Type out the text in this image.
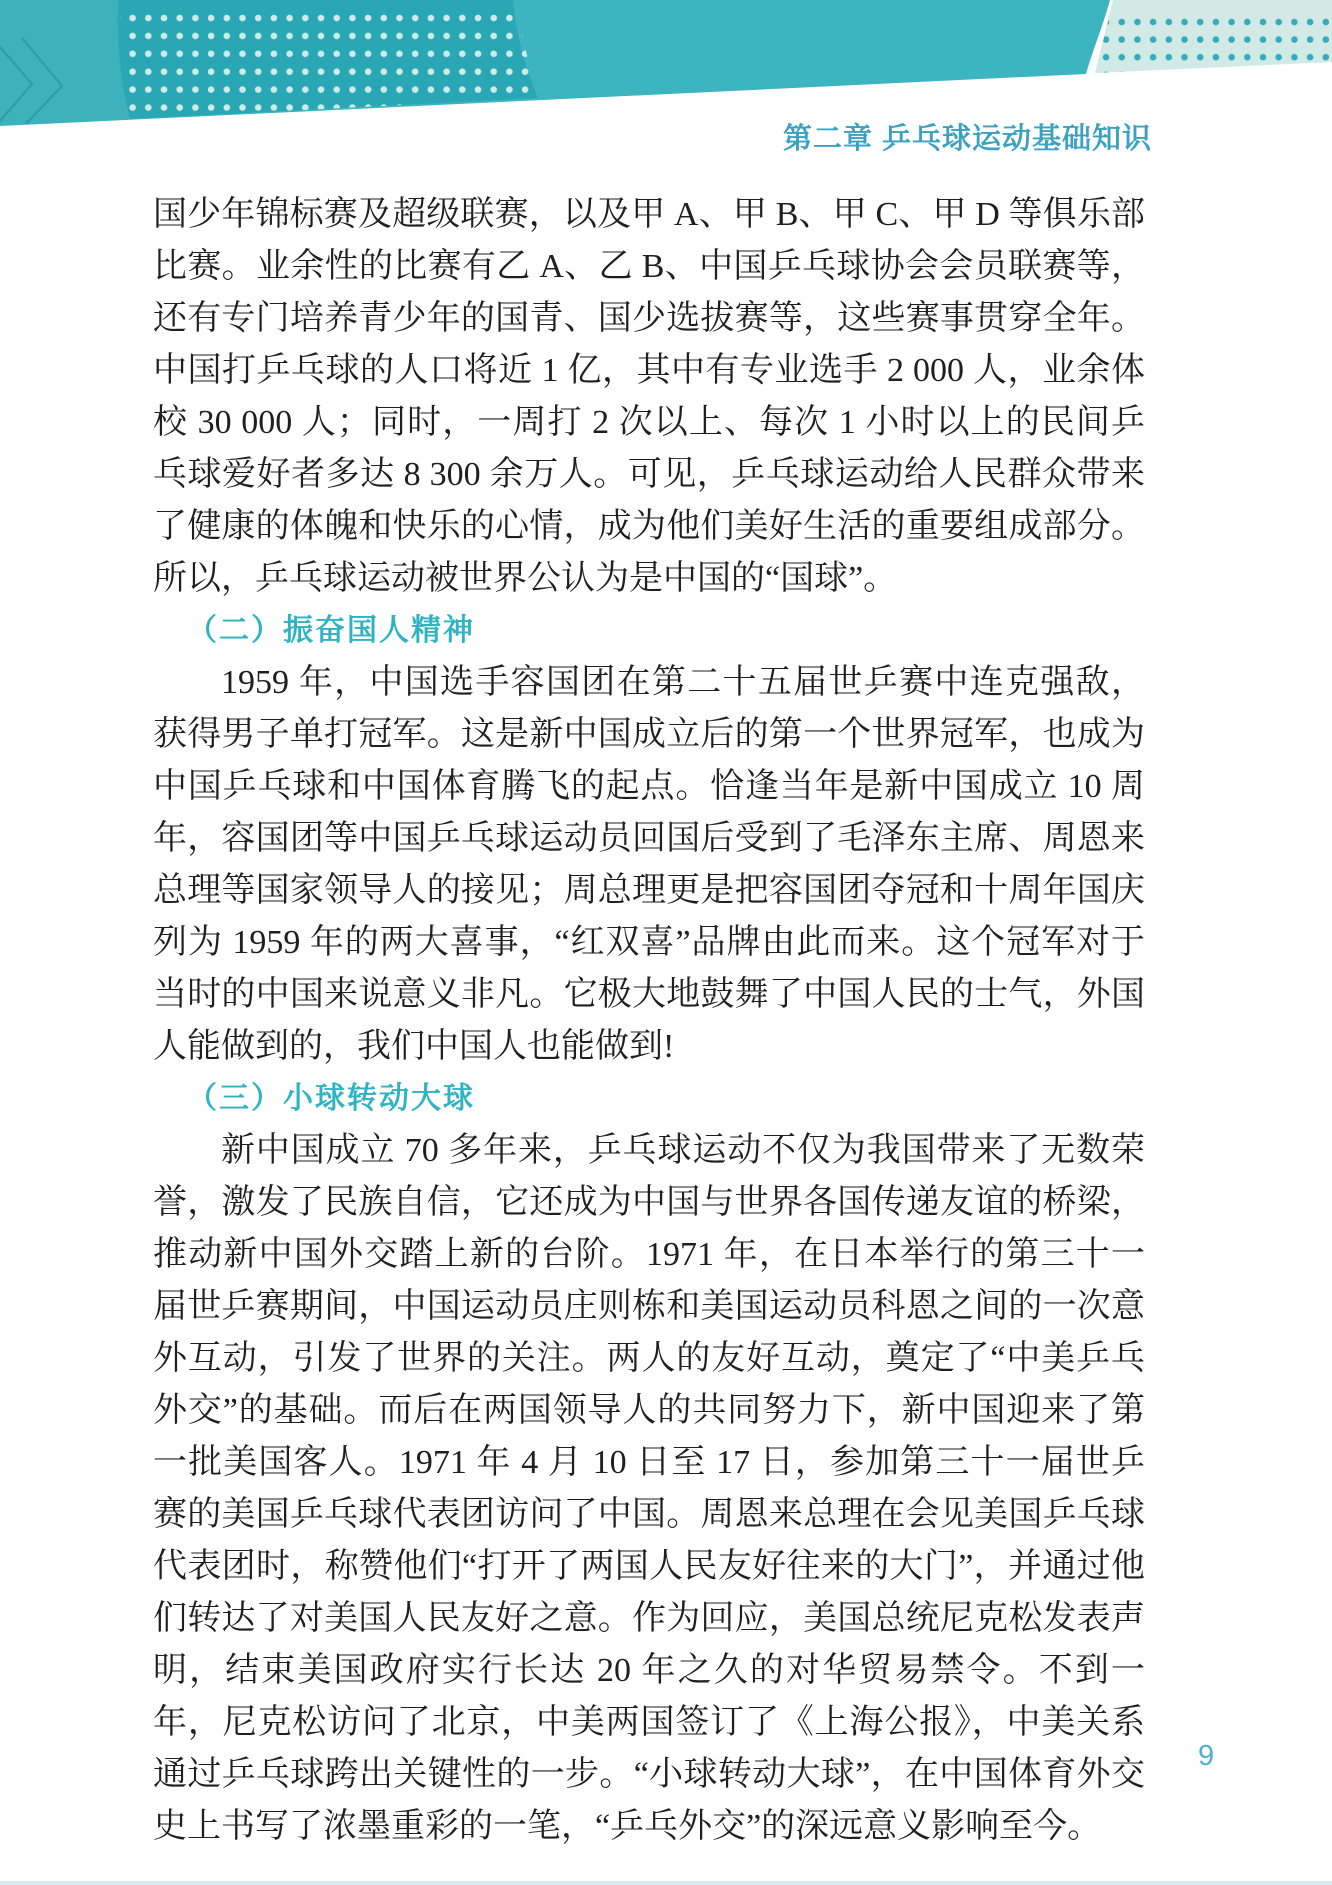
第二章 乒乓球运动基础知识

国少年锦标赛及超级联赛，以及甲 A、甲 B、甲 C、甲 D 等俱乐部比赛。业余性的比赛有乙 A、乙 B、中国乒乓球协会会员联赛等，还有专门培养青少年的国青、国少选拔赛等，这些赛事贯穿全年。 中国打乒乓球的人口将近 1 亿，其中有专业选手 2 000 人，业余体校 30 000 人；同时，一周打 2 次以上、每次 1 小时以上的民间乒乓球爱好者多达 8 300 余万人。可见，乒乓球运动给人民群众带来了健康的体魄和快乐的心情，成为他们美好生活的重要组成部分。所以，乒乓球运动被世界公认为是中国的“国球”。

（二）振奋国人精神

1959 年，中国选手容国团在第二十五届世乒赛中连克强敌，获得男子单打冠军。这是新中国成立后的第一个世界冠军，也成为中国乒乓球和中国体育腾飞的起点。恰逢当年是新中国成立 10 周年，容国团等中国乒乓球运动员回国后受到了毛泽东主席、周恩来总理等国家领导人的接见；周总理更是把容国团夺冠和十周年国庆列为 1959 年的两大喜事，“红双喜”品牌由此而来。这个冠军对于当时的中国来说意义非凡。它极大地鼓舞了中国人民的士气，外国人能做到的，我们中国人也能做到!

（三）小球转动大球

新中国成立 70 多年来，乒乓球运动不仅为我国带来了无数荣誉，激发了民族自信，它还成为中国与世界各国传递友谊的桥梁，推动新中国外交踏上新的台阶。1971 年，在日本举行的第三十一届世乒赛期间，中国运动员庄则栋和美国运动员科恩之间的一次意外互动，引发了世界的关注。两人的友好互动，奠定了“中美乒乓外交”的基础。而后在两国领导人的共同努力下，新中国迎来了第一批美国客人。1971 年 4 月 10 日至 17 日，参加第三十一届世乒赛的美国乒乓球代表团访问了中国。周恩来总理在会见美国乒乓球代表团时，称赞他们“打开了两国人民友好往来的大门”，并通过他们转达了对美国人民友好之意。作为回应，美国总统尼克松发表声明，结束美国政府实行长达 20 年之久的对华贸易禁令。不到一年，尼克松访问了北京，中美两国签订了《上海公报》，中美关系通过乒乓球跨出关键性的一步。“小球转动大球”，在中国体育外交史上书写了浓墨重彩的一笔，“乒乓外交”的深远意义影响至今。

9
